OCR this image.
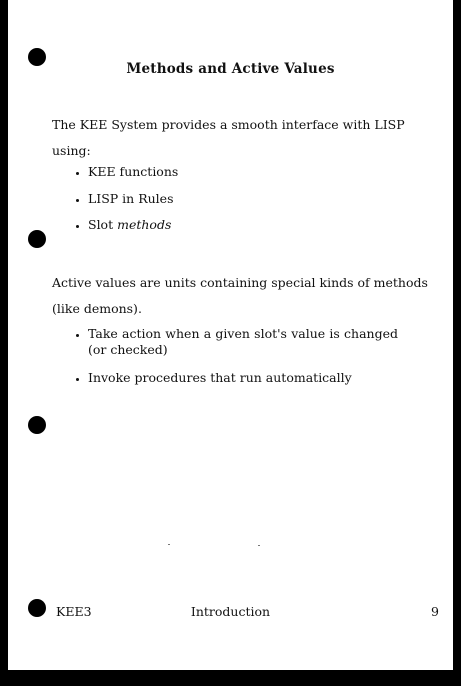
Methods and Active Values
The KEE System provides a smooth interface with LISP using:
KEE functions
LISP in Rules
Slot methods
Active values are units containing special kinds of methods (like demons).
Take action when a given slot's value is changed (or checked)
Invoke procedures that run automatically
KEE3	Introduction	9
